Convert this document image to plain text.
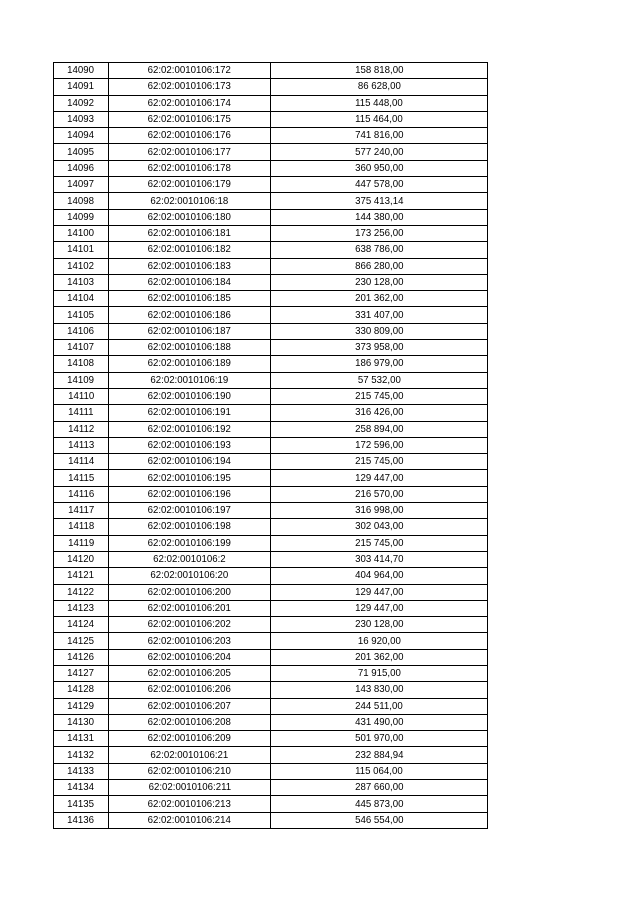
14090	62:02:0010106:172	158 818,00
14091	62:02:0010106:173	86 628,00
14092	62:02:0010106:174	115 448,00
14093	62:02:0010106:175	115 464,00
14094	62:02:0010106:176	741 816,00
14095	62:02:0010106:177	577 240,00
14096	62:02:0010106:178	360 950,00
14097	62:02:0010106:179	447 578,00
14098	62:02:0010106:18	375 413,14
14099	62:02:0010106:180	144 380,00
14100	62:02:0010106:181	173 256,00
14101	62:02:0010106:182	638 786,00
14102	62:02:0010106:183	866 280,00
14103	62:02:0010106:184	230 128,00
14104	62:02:0010106:185	201 362,00
14105	62:02:0010106:186	331 407,00
14106	62:02:0010106:187	330 809,00
14107	62:02:0010106:188	373 958,00
14108	62:02:0010106:189	186 979,00
14109	62:02:0010106:19	57 532,00
14110	62:02:0010106:190	215 745,00
14111	62:02:0010106:191	316 426,00
14112	62:02:0010106:192	258 894,00
14113	62:02:0010106:193	172 596,00
14114	62:02:0010106:194	215 745,00
14115	62:02:0010106:195	129 447,00
14116	62:02:0010106:196	216 570,00
14117	62:02:0010106:197	316 998,00
14118	62:02:0010106:198	302 043,00
14119	62:02:0010106:199	215 745,00
14120	62:02:0010106:2	303 414,70
14121	62:02:0010106:20	404 964,00
14122	62:02:0010106:200	129 447,00
14123	62:02:0010106:201	129 447,00
14124	62:02:0010106:202	230 128,00
14125	62:02:0010106:203	16 920,00
14126	62:02:0010106:204	201 362,00
14127	62:02:0010106:205	71 915,00
14128	62:02:0010106:206	143 830,00
14129	62:02:0010106:207	244 511,00
14130	62:02:0010106:208	431 490,00
14131	62:02:0010106:209	501 970,00
14132	62:02:0010106:21	232 884,94
14133	62:02:0010106:210	115 064,00
14134	62:02:0010106:211	287 660,00
14135	62:02:0010106:213	445 873,00
14136	62:02:0010106:214	546 554,00
